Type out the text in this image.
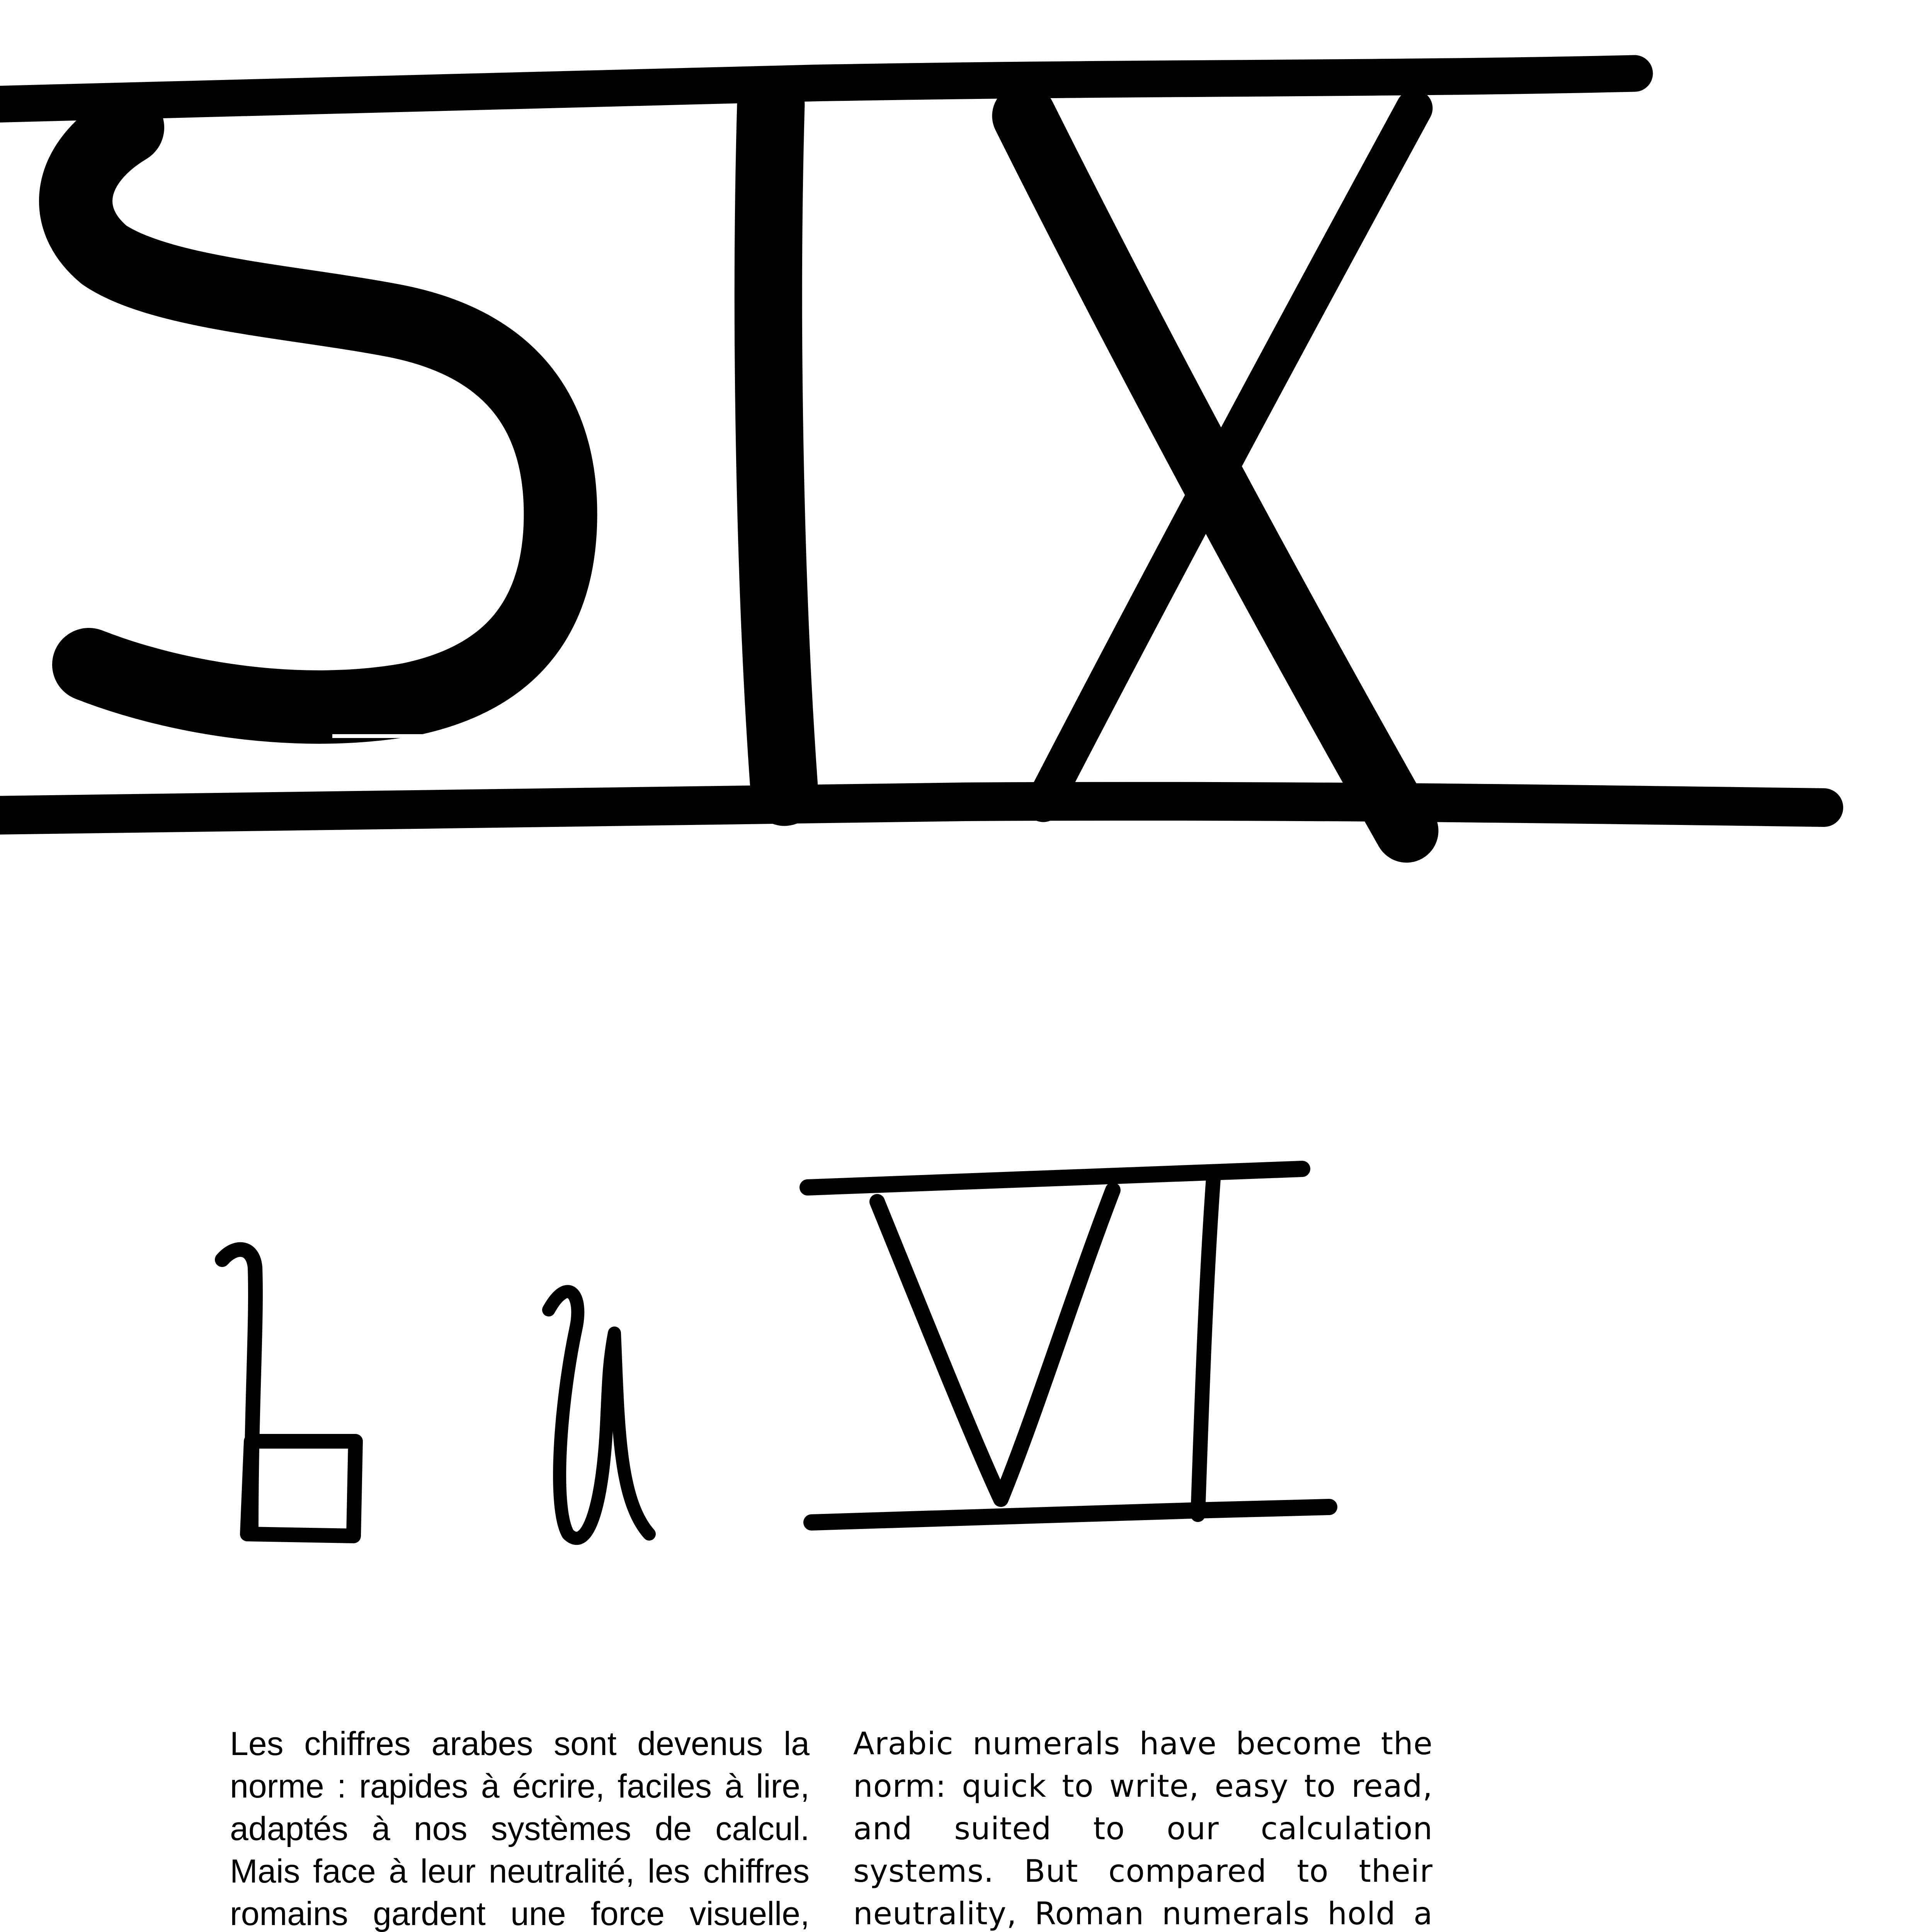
Les chiffres arabes sont devenus la norme : rapides à écrire, faciles à lire, adaptés à nos systèmes de calcul. Mais face à leur neutralité, les chiffres romains gardent une force visuelle,

Arabic numerals have become the norm: quick to write, easy to read, and suited to our calculation systems. But compared to their neutrality, Roman numerals hold a
